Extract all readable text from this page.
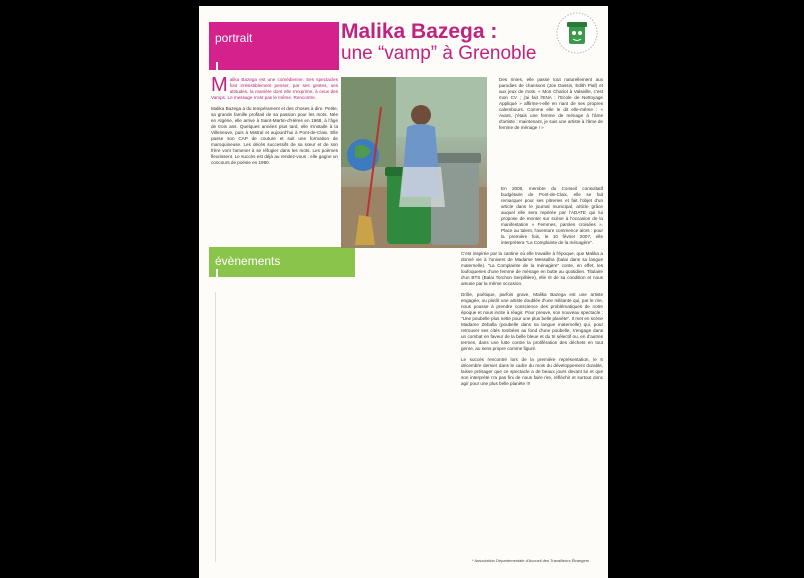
portrait	Malika Bazega :
une “vamp” à Grenoble

Malika Bazega est une comédienne. Ses spectacles font irrésistiblement penser, par ses gestes, ses attitudes, la manière dont elle s'exprime, à ceux des Vamps. Le message n'est pas le même. Rencontre.

Malika Bazega a du tempérament et des choses à dire. Petite, sa grande famille profitait de sa passion pour les mots. Née en Algérie, elle arrive à Saint-Martin-d'Hères en 1968, à l'âge de trois ans. Quelques années plus tard, elle s'installe à la Villeneuve, puis à Mistral et aujourd'hui à Pont-de-Claix. Elle passe son CAP de couture et suit une formation de maroquineuse. Les décès successifs de sa sœur et de son frère vont l'amener à se réfugier dans les mots. Les poèmes fleurissent. Le succès est déjà au rendez-vous : elle gagne un concours de poésie en 1990.

évènements
Des rimes, elle passe tout naturellement aux parodies de chansons (Joe Dassin, Edith Piaf) et aux jeux de mots. « Mon Chariot à Valseille, c'est mon CV ; j'ai fait l'ENA : l'Ecole de Nettoyage Appliqué » affirme-t-elle en riant de ses propres calembours. Comme elle le dit elle-même : « Avant, j'étais une femme de ménage à l'âme d'artiste ; maintenant, je suis une artiste à l'âme de femme de ménage ! »

En 2006, membre du Conseil consultatif budgétaire de Pont-de-Claix, elle se fait remarquer pour ses pitreries et fait l'objet d'un article dans le journal municipal, article grâce auquel elle sera repérée par l'ADATE qui lui propose de monter sur scène à l'occasion de la manifestation « Femmes, paroles croisées ». Place au talent, l'aventure commence alors : pour la première fois, le 10 février 2007, elle interprètera "La Complainte de la ménagère".

C'est inspirée par la cantine où elle travaille à l'époque, que Malika a donné vie à l'univers de Madame Messalha (balai dans sa langue maternelle). "La Complainte de la ménagère" conte, en effet, les loufoqueries d'une femme de ménage en butte au quotidien. Titulaire d'un BTS (Balai Torchon Serpillière), elle rit de sa condition et nous amuse par la même occasion.

Drôle, poétique, parfois grave, Malika Bazega est une artiste engagée, ou plutôt une artiste doublée d'une militante qui, par le rire, nous pousse à prendre conscience des problématiques de notre époque et nous incite à réagir. Pour preuve, son nouveau spectacle : "Une poubelle plus nette pour une plus belle planète". Il met en scène Madame Zeballa (poubelle dans sa langue maternelle) qui, pour retrouver ses cités tombées au fond d'une poubelle, s'engage dans un combat en faveur de la belle bleue et du tri sélectif ou, en d'autres termes, dans une lutte contre la prolifération des déchets en tout genre, au sens propre comme figuré.

Le succès rencontré lors de la première représentation, le 6 décembre dernier dans le cadre du mois du développement durable, laisse présager que ce spectacle a de beaux jours devant lui et que son interprète n'a pas fini de nous faire rire, réfléchir et surtout donc agir pour une plus belle planète !!!

* Association Départementale d'Accueil des Travailleurs Étrangers
